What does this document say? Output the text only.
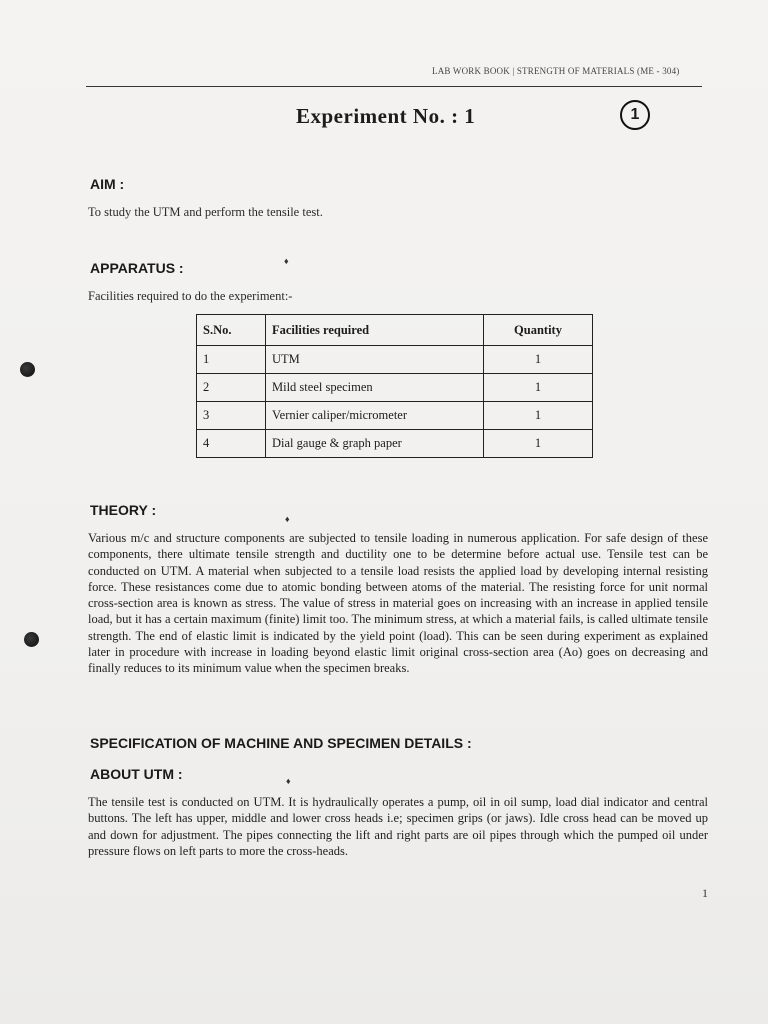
LAB WORK BOOK | STRENGTH OF MATERIALS (ME - 304)
Experiment No. : 1	1
AIM :
To study the UTM and perform the tensile test.
APPARATUS :
Facilities required to do the experiment:-
S.No.	Facilities required	Quantity
1	UTM	1
2	Mild steel specimen	1
3	Vernier caliper/micrometer	1
4	Dial gauge & graph paper	1
THEORY :
Various m/c and structure components are subjected to tensile loading in numerous application. For safe design of these components, there ultimate tensile strength and ductility one to be determine before actual use. Tensile test can be conducted on UTM. A material when subjected to a tensile load resists the applied load by developing internal resisting force. These resistances come due to atomic bonding between atoms of the material. The resisting force for unit normal cross-section area is known as stress. The value of stress in material goes on increasing with an increase in applied tensile load, but it has a certain maximum (finite) limit too. The minimum stress, at which a material fails, is called ultimate tensile strength. The end of elastic limit is indicated by the yield point (load). This can be seen during experiment as explained later in procedure with increase in loading beyond elastic limit original cross-section area (Ao) goes on decreasing and finally reduces to its minimum value when the specimen breaks.
SPECIFICATION OF MACHINE AND SPECIMEN DETAILS :
ABOUT UTM :
The tensile test is conducted on UTM. It is hydraulically operates a pump, oil in oil sump, load dial indicator and central buttons. The left has upper, middle and lower cross heads i.e; specimen grips (or jaws). Idle cross head can be moved up and down for adjustment. The pipes connecting the lift and right parts are oil pipes through which the pumped oil under pressure flows on left parts to more the cross-heads.
1
♦
♦
♦
